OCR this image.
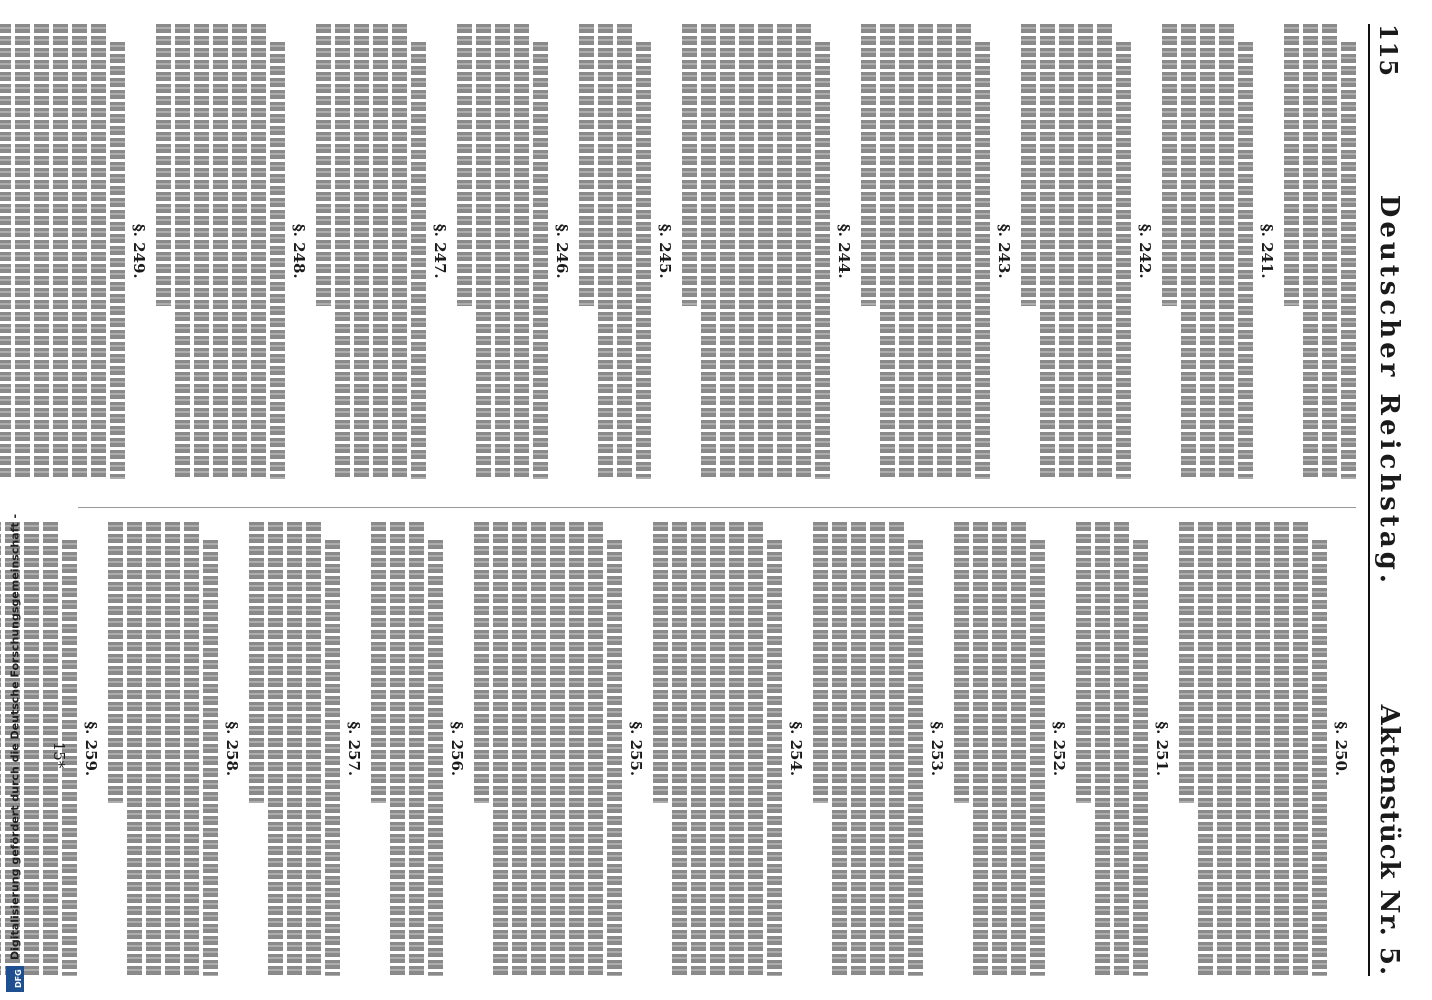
115
Deutscher Reichstag.
Aktenstück Nr. 5.

§. 241.

§. 242.

§. 243.

§. 244.

§. 245.

§. 246.

§. 247.

§. 248.

§. 249.

§. 250.

§. 251.

§. 252.

§. 253.

§. 254.

§. 255.

§. 256.

§. 257.

§. 258.

§. 259.

15*
DFG
Digitalisierung gefördert durch die Deutsche Forschungsgemeinschaft -
